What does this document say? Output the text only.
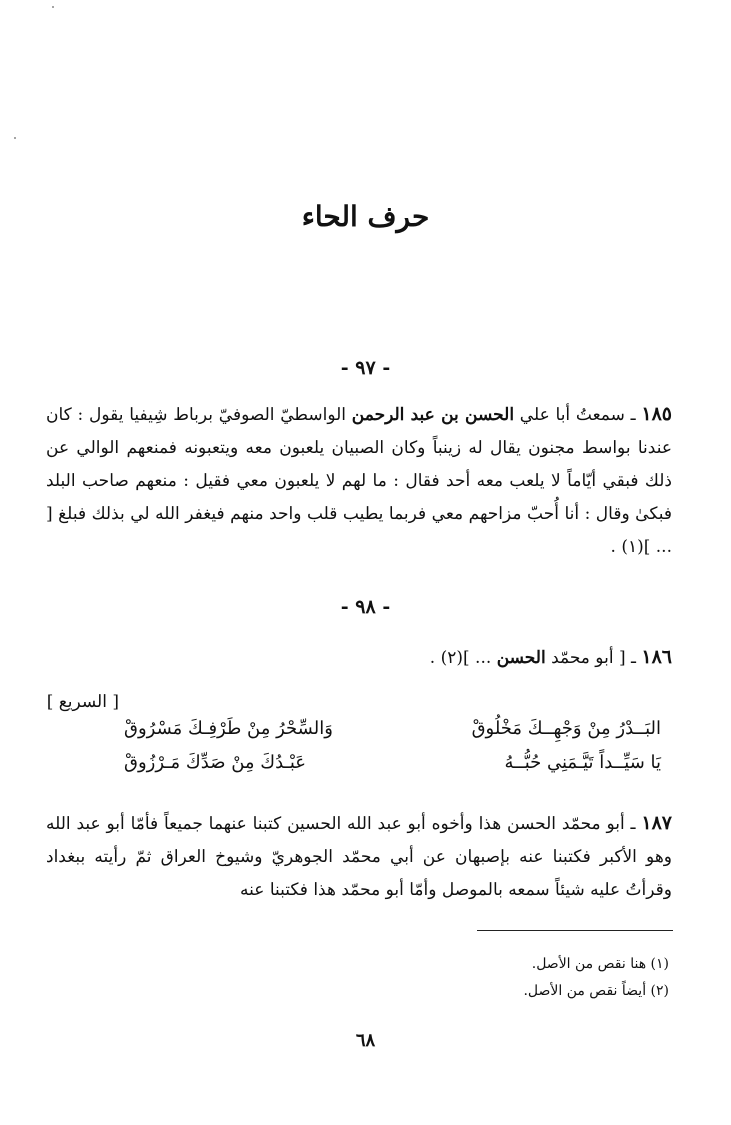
حرف الحاء
- ٩٧ -
١٨٥ ـ سمعتُ أبا علي الحسن بن عبد الرحمن الواسطيّ الصوفيّ برباط شِيفيا يقول : كان عندنا بواسط مجنون يقال له زينباً وكان الصبيان يلعبون معه ويتعبونه فمنعهم الوالي عن ذلك فبقي أيّاماً لا يلعب معه أحد فقال : ما لهم لا يلعبون معي فقيل : منعهم صاحب البلد فبكىٰ وقال : أنا أُحبّ مزاحهم معي فربما يطيب قلب واحد منهم فيغفر الله لي بذلك فبلغ [ ... ](١) .
- ٩٨ -
١٨٦ ـ [ أبو محمّد الحسن ... ](٢) .
[ السريع ]
البَــدْرُ مِنْ وَجْهِــكَ مَخْلُوقْ
وَالسِّحْرُ مِنْ طَرْفِـكَ مَسْرُوقْ
يَا سَيِّــداً تَيَّـمَنِي حُبُّــهُ
عَبْـدُكَ مِنْ صَدِّكَ مَـرْزُوقْ
١٨٧ ـ أبو محمّد الحسن هذا وأخوه أبو عبد الله الحسين كتبنا عنهما جميعاً فأمّا أبو عبد الله وهو الأكبر فكتبنا عنه بإصبهان عن أبي محمّد الجوهريّ وشيوخ العراق ثمّ رأيته ببغداد وقرأتُ عليه شيئاً سمعه بالموصل وأمّا أبو محمّد هذا فكتبنا عنه
(١) هنا نقص من الأصل.
(٢) أيضاً نقص من الأصل.
٦٨
